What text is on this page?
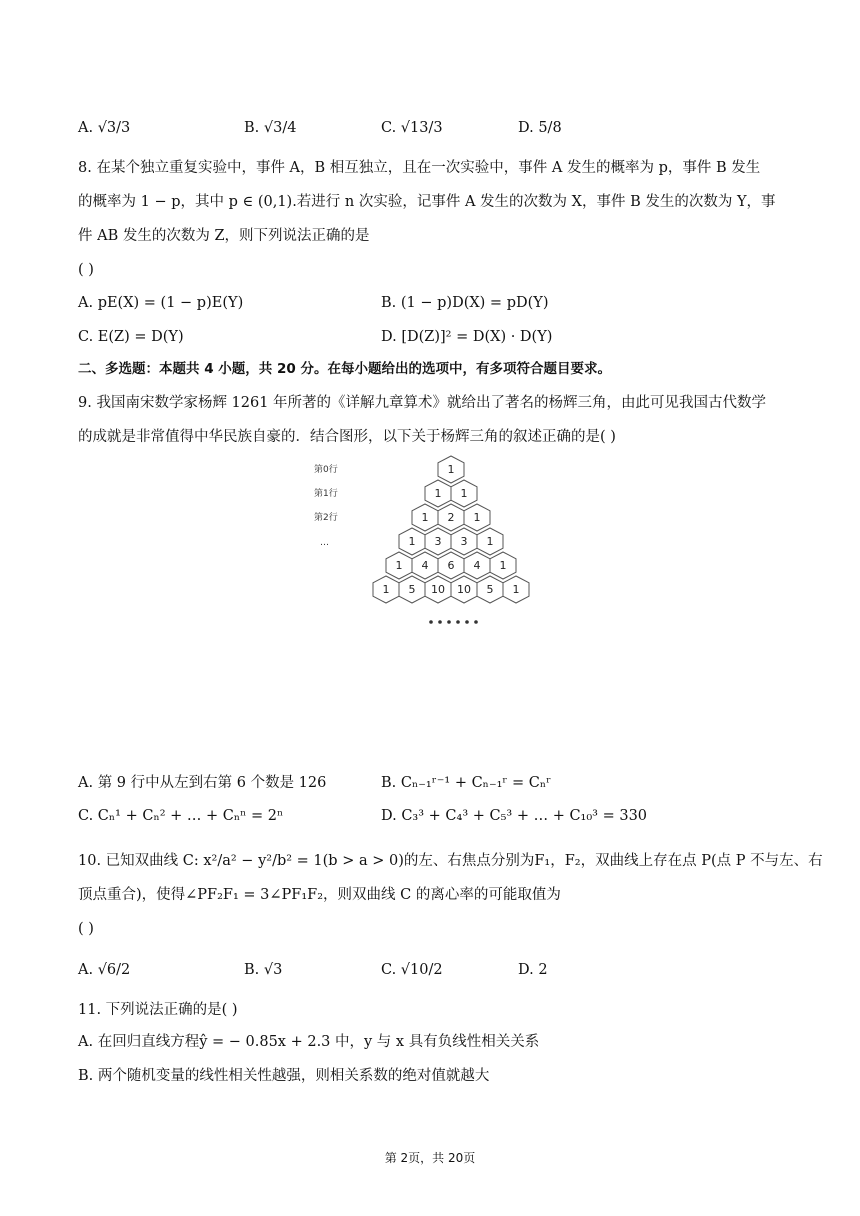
A. √3/3	B. √3/4	C. √13/3	D. 5/8
8. 在某个独立重复实验中，事件 A，B 相互独立，且在一次实验中，事件 A 发生的概率为 p，事件 B 发生
的概率为 1 − p，其中 p ∈ (0,1).若进行 n 次实验，记事件 A 发生的次数为 X，事件 B 发生的次数为 Y，事
件 AB 发生的次数为 Z，则下列说法正确的是
( )
A. pE(X) = (1 − p)E(Y)	B. (1 − p)D(X) = pD(Y)
C. E(Z) = D(Y)	D. [D(Z)]² = D(X) · D(Y)
二、多选题：本题共 4 小题，共 20 分。在每小题给出的选项中，有多项符合题目要求。
9. 我国南宋数学家杨辉 1261 年所著的《详解九章算术》就给出了著名的杨辉三角，由此可见我国古代数学
的成就是非常值得中华民族自豪的．结合图形，以下关于杨辉三角的叙述正确的是( )
第0行
第1行
第2行
…
1
1 1
1 2 1
1 3 3 1
1 4 6 4 1
1 5 10 10 5 1
A. 第 9 行中从左到右第 6 个数是 126	B. Cₙ₋₁ʳ⁻¹ + Cₙ₋₁ʳ = Cₙʳ
C. Cₙ¹ + Cₙ² + … + Cₙⁿ = 2ⁿ	D. C₃³ + C₄³ + C₅³ + … + C₁₀³ = 330
10. 已知双曲线 C: x²/a² − y²/b² = 1(b > a > 0)的左、右焦点分别为F₁，F₂，双曲线上存在点 P(点 P 不与左、右
顶点重合)，使得∠PF₂F₁ = 3∠PF₁F₂，则双曲线 C 的离心率的可能取值为
( )
A. √6/2	B. √3	C. √10/2	D. 2
11. 下列说法正确的是( )
A. 在回归直线方程ŷ = − 0.85x + 2.3 中，y 与 x 具有负线性相关关系
B. 两个随机变量的线性相关性越强，则相关系数的绝对值就越大
第 2页，共 20页
